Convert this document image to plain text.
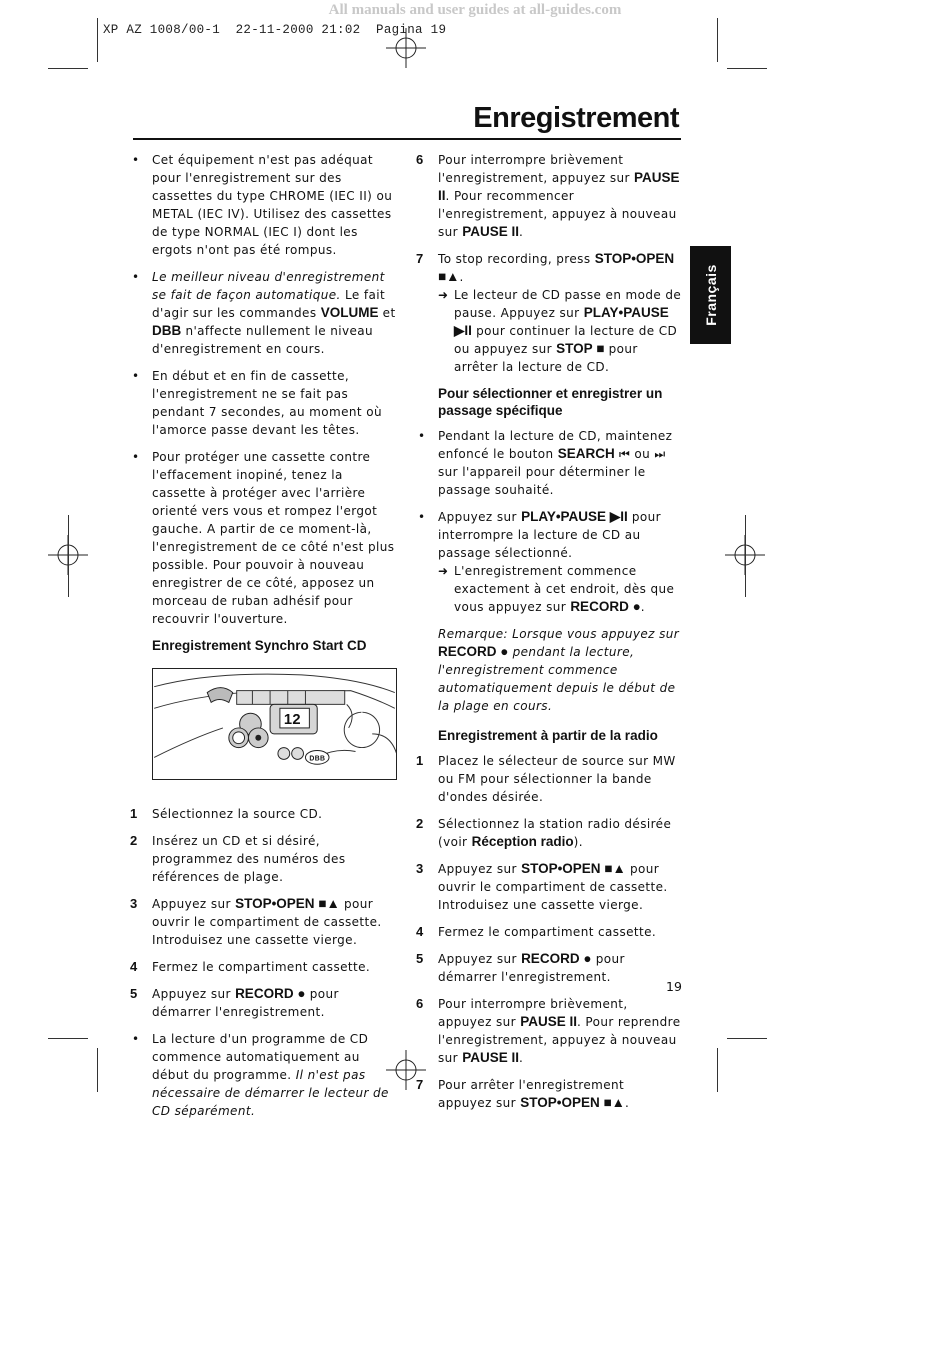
All manuals and user guides at all-guides.com
XP AZ 1008/00-1  22-11-2000 21:02  Pagina 19
Enregistrement
Français
• Cet équipement n'est pas adéquat pour l'enregistrement sur des cassettes du type CHROME (IEC II) ou METAL (IEC IV). Utilisez des cassettes de type NORMAL (IEC I) dont les ergots n'ont pas été rompus.
• Le meilleur niveau d'enregistrement se fait de façon automatique. Le fait d'agir sur les commandes VOLUME et DBB n'affecte nullement le niveau d'enregistrement en cours.
• En début et en fin de cassette, l'enregistrement ne se fait pas pendant 7 secondes, au moment où l'amorce passe devant les têtes.
• Pour protéger une cassette contre l'effacement inopiné, tenez la cassette à protéger avec l'arrière orienté vers vous et rompez l'ergot gauche. A partir de ce moment-là, l'enregistrement de ce côté n'est plus possible. Pour pouvoir à nouveau enregistrer de ce côté, apposez un morceau de ruban adhésif pour recouvrir l'ouverture.
Enregistrement Synchro Start CD
12
DBB
1 Sélectionnez la source CD.
2 Insérez un CD et si désiré, programmez des numéros des références de plage.
3 Appuyez sur STOP•OPEN ■▲ pour ouvrir le compartiment de cassette. Introduisez une cassette vierge.
4 Fermez le compartiment cassette.
5 Appuyez sur RECORD ● pour démarrer l'enregistrement.
• La lecture d'un programme de CD commence automatiquement au début du programme. Il n'est pas nécessaire de démarrer le lecteur de CD séparément.
6 Pour interrompre brièvement l'enregistrement, appuyez sur PAUSE II. Pour recommencer l'enregistrement, appuyez à nouveau sur PAUSE II.
7 To stop recording, press STOP•OPEN ■▲.
➜ Le lecteur de CD passe en mode de pause. Appuyez sur PLAY•PAUSE ▶II pour continuer la lecture de CD ou appuyez sur STOP ■ pour arrêter la lecture de CD.
Pour sélectionner et enregistrer un passage spécifique
• Pendant la lecture de CD, maintenez enfoncé le bouton SEARCH ⏮ ou ⏭ sur l'appareil pour déterminer le passage souhaité.
• Appuyez sur PLAY•PAUSE ▶II pour interrompre la lecture de CD au passage sélectionné.
➜ L'enregistrement commence exactement à cet endroit, dès que vous appuyez sur RECORD ●.
Remarque: Lorsque vous appuyez sur RECORD ● pendant la lecture, l'enregistrement commence automatiquement depuis le début de la plage en cours.
Enregistrement à partir de la radio
1 Placez le sélecteur de source sur MW ou FM pour sélectionner la bande d'ondes désirée.
2 Sélectionnez la station radio désirée (voir Réception radio).
3 Appuyez sur STOP•OPEN ■▲ pour ouvrir le compartiment de cassette. Introduisez une cassette vierge.
4 Fermez le compartiment cassette.
5 Appuyez sur RECORD ● pour démarrer l'enregistrement.
6 Pour interrompre brièvement, appuyez sur PAUSE II. Pour reprendre l'enregistrement, appuyez à nouveau sur PAUSE II.
7 Pour arrêter l'enregistrement appuyez sur STOP•OPEN ■▲.
19
